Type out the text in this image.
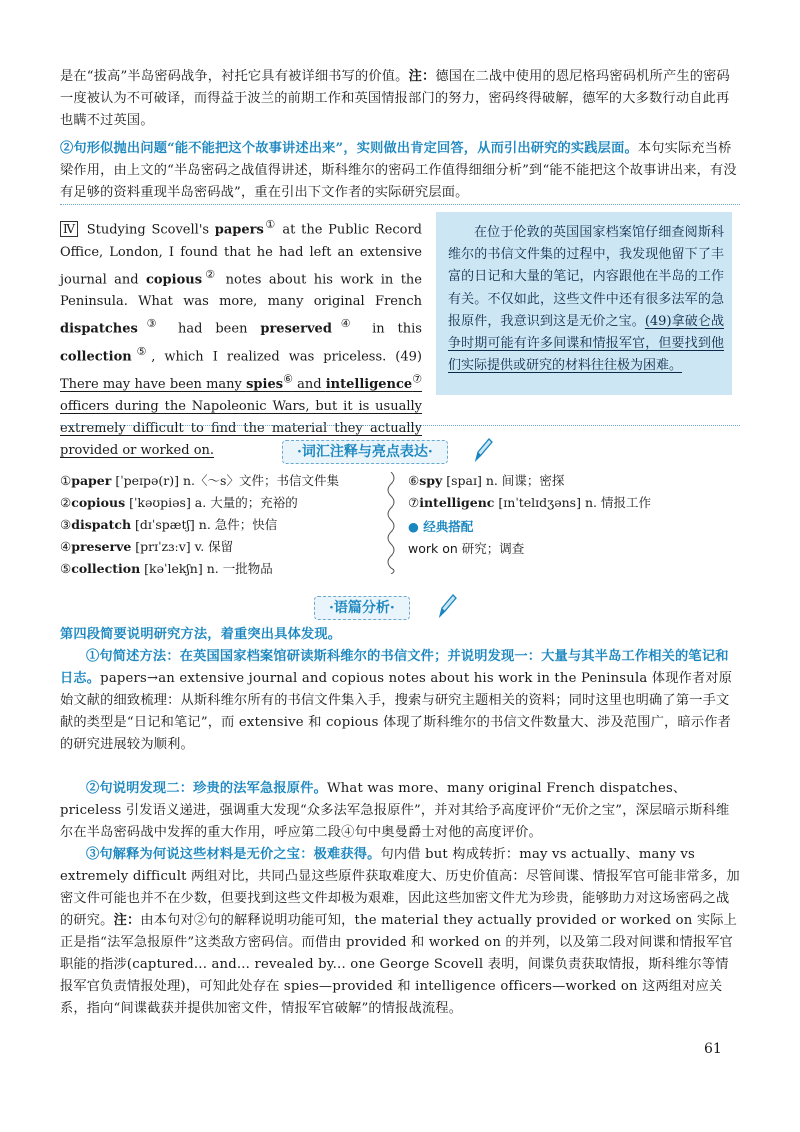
是在“拔高”半岛密码战争，衬托它具有被详细书写的价值。注：德国在二战中使用的恩尼格玛密码机所产生的密码一度被认为不可破译，而得益于波兰的前期工作和英国情报部门的努力，密码终得破解，德军的大多数行动自此再也瞒不过英国。
②句形似抛出问题“能不能把这个故事讲述出来”，实则做出肯定回答，从而引出研究的实践层面。本句实际充当桥梁作用，由上文的“半岛密码之战值得讲述，斯科维尔的密码工作值得细细分析”到“能不能把这个故事讲出来，有没有足够的资料重现半岛密码战”，重在引出下文作者的实际研究层面。
Ⅳ Studying Scovell's papers① at the Public Record Office, London, I found that he had left an extensive journal and copious② notes about his work in the Peninsula. What was more, many original French dispatches③ had been preserved④ in this collection⑤, which I realized was priceless. (49) There may have been many spies⑥ and intelligence⑦ officers during the Napoleonic Wars, but it is usually extremely difficult to find the material they actually provided or worked on.
在位于伦敦的英国国家档案馆仔细查阅斯科维尔的书信文件集的过程中，我发现他留下了丰富的日记和大量的笔记，内容跟他在半岛的工作有关。不仅如此，这些文件中还有很多法军的急报原件，我意识到这是无价之宝。(49)拿破仑战争时期可能有许多间谍和情报军官，但要找到他们实际提供或研究的材料往往极为困难。
·词汇注释与亮点表达·
①paper [ˈpeɪpə(r)] n.〈～s〉文件；书信文件集
②copious [ˈkəʊpiəs] a. 大量的；充裕的
③dispatch [dɪˈspætʃ] n. 急件；快信
④preserve [prɪˈzɜːv] v. 保留
⑤collection [kəˈlekʃn] n. 一批物品
⑥spy [spaɪ] n. 间谍；密探
⑦intelligenc [ɪnˈtelɪdʒəns] n. 情报工作
● 经典搭配
work on 研究；调查
·语篇分析·
第四段简要说明研究方法，着重突出具体发现。
①句简述方法：在英国国家档案馆研读斯科维尔的书信文件；并说明发现一：大量与其半岛工作相关的笔记和日志。papers→an extensive journal and copious notes about his work in the Peninsula 体现作者对原始文献的细致梳理：从斯科维尔所有的书信文件集入手，搜索与研究主题相关的资料；同时这里也明确了第一手文献的类型是“日记和笔记”，而 extensive 和 copious 体现了斯科维尔的书信文件数量大、涉及范围广，暗示作者的研究进展较为顺利。
②句说明发现二：珍贵的法军急报原件。What was more、many original French dispatches、priceless 引发语义递进，强调重大发现“众多法军急报原件”，并对其给予高度评价“无价之宝”，深层暗示斯科维尔在半岛密码战中发挥的重大作用，呼应第二段④句中奥曼爵士对他的高度评价。
③句解释为何说这些材料是无价之宝：极难获得。句内借 but 构成转折：may vs actually、many vs extremely difficult 两组对比，共同凸显这些原件获取难度大、历史价值高：尽管间谍、情报军官可能非常多，加密文件可能也并不在少数，但要找到这些文件却极为艰难，因此这些加密文件尤为珍贵，能够助力对这场密码之战的研究。注：由本句对②句的解释说明功能可知，the material they actually provided or worked on 实际上正是指“法军急报原件”这类敌方密码信。而借由 provided 和 worked on 的并列，以及第二段对间谍和情报军官职能的指涉(captured... and... revealed by... one George Scovell 表明，间谍负责获取情报，斯科维尔等情报军官负责情报处理)，可知此处存在 spies—provided 和 intelligence officers—worked on 这两组对应关系，指向“间谍截获并提供加密文件，情报军官破解”的情报战流程。
61
